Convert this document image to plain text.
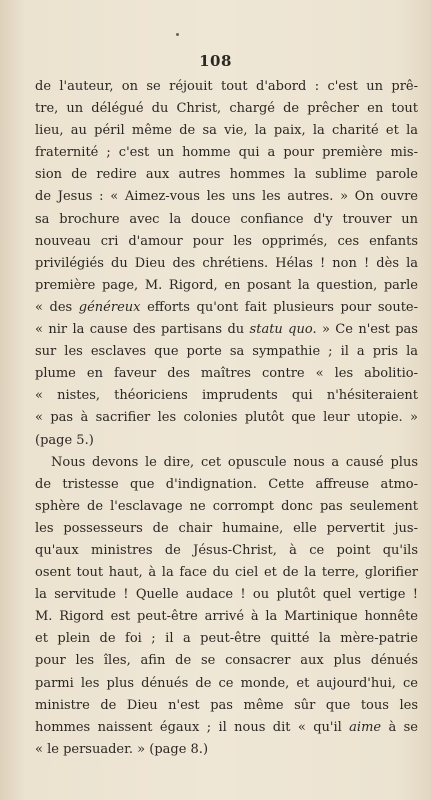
108
de l'auteur, on se réjouit tout d'abord : c'est un prê-
tre, un délégué du Christ, chargé de prêcher en tout
lieu, au péril même de sa vie, la paix, la charité et la
fraternité ; c'est un homme qui a pour première mis-
sion de redire aux autres hommes la sublime parole
de Jesus : « Aimez-vous les uns les autres. » On ouvre
sa brochure avec la douce confiance d'y trouver un
nouveau cri d'amour pour les opprimés, ces enfants
privilégiés du Dieu des chrétiens. Hélas ! non ! dès la
première page, M. Rigord, en posant la question, parle
« des généreux efforts qu'ont fait plusieurs pour soute-
« nir la cause des partisans du statu quo. » Ce n'est pas
sur les esclaves que porte sa sympathie ; il a pris la
plume en faveur des maîtres contre « les abolitio-
« nistes, théoriciens imprudents qui n'hésiteraient
« pas à sacrifier les colonies plutôt que leur utopie. »
(page 5.)
Nous devons le dire, cet opuscule nous a causé plus
de tristesse que d'indignation. Cette affreuse atmo-
sphère de l'esclavage ne corrompt donc pas seulement
les possesseurs de chair humaine, elle pervertit jus-
qu'aux ministres de Jésus-Christ, à ce point qu'ils
osent tout haut, à la face du ciel et de la terre, glorifier
la servitude ! Quelle audace ! ou plutôt quel vertige !
M. Rigord est peut-être arrivé à la Martinique honnête
et plein de foi ; il a peut-être quitté la mère-patrie
pour les îles, afin de se consacrer aux plus dénués
parmi les plus dénués de ce monde, et aujourd'hui, ce
ministre de Dieu n'est pas même sûr que tous les
hommes naissent égaux ; il nous dit « qu'il aime à se
« le persuader. » (page 8.)
